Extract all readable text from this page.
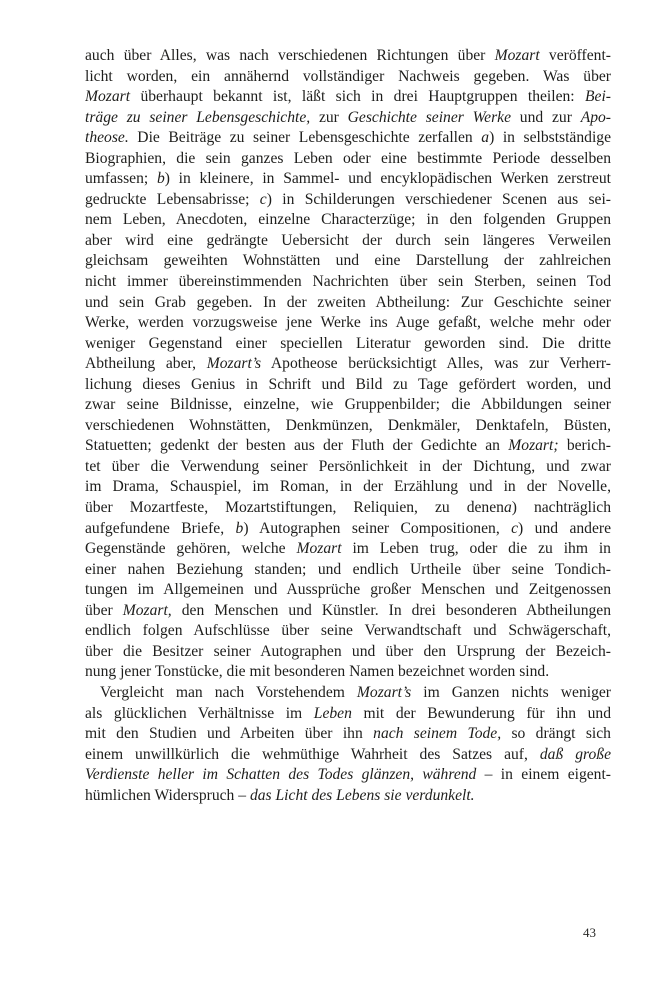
auch über Alles, was nach verschiedenen Richtungen über Mozart veröffent-
licht worden, ein annähernd vollständiger Nachweis gegeben. Was über
Mozart überhaupt bekannt ist, läßt sich in drei Hauptgruppen theilen: Bei-
träge zu seiner Lebensgeschichte, zur Geschichte seiner Werke und zur Apo-
theose. Die Beiträge zu seiner Lebensgeschichte zerfallen a) in selbstständige
Biographien, die sein ganzes Leben oder eine bestimmte Periode desselben
umfassen; b) in kleinere, in Sammel- und encyklopädischen Werken zerstreut
gedruckte Lebensabrisse; c) in Schilderungen verschiedener Scenen aus sei-
nem Leben, Anecdoten, einzelne Characterzüge; in den folgenden Gruppen
aber wird eine gedrängte Uebersicht der durch sein längeres Verweilen
gleichsam geweihten Wohnstätten und eine Darstellung der zahlreichen
nicht immer übereinstimmenden Nachrichten über sein Sterben, seinen Tod
und sein Grab gegeben. In der zweiten Abtheilung: Zur Geschichte seiner
Werke, werden vorzugsweise jene Werke ins Auge gefaßt, welche mehr oder
weniger Gegenstand einer speciellen Literatur geworden sind. Die dritte
Abtheilung aber, Mozart’s Apotheose berücksichtigt Alles, was zur Verherr-
lichung dieses Genius in Schrift und Bild zu Tage gefördert worden, und
zwar seine Bildnisse, einzelne, wie Gruppenbilder; die Abbildungen seiner
verschiedenen Wohnstätten, Denkmünzen, Denkmäler, Denktafeln, Büsten,
Statuetten; gedenkt der besten aus der Fluth der Gedichte an Mozart; berich-
tet über die Verwendung seiner Persönlichkeit in der Dichtung, und zwar
im Drama, Schauspiel, im Roman, in der Erzählung und in der Novelle,
über Mozartfeste, Mozartstiftungen, Reliquien, zu denena) nachträglich
aufgefundene Briefe, b) Autographen seiner Compositionen, c) und andere
Gegenstände gehören, welche Mozart im Leben trug, oder die zu ihm in
einer nahen Beziehung standen; und endlich Urtheile über seine Tondich-
tungen im Allgemeinen und Aussprüche großer Menschen und Zeitgenossen
über Mozart, den Menschen und Künstler. In drei besonderen Abtheilungen
endlich folgen Aufschlüsse über seine Verwandtschaft und Schwägerschaft,
über die Besitzer seiner Autographen und über den Ursprung der Bezeich-
nung jener Tonstücke, die mit besonderen Namen bezeichnet worden sind.
Vergleicht man nach Vorstehendem Mozart’s im Ganzen nichts weniger
als glücklichen Verhältnisse im Leben mit der Bewunderung für ihn und
mit den Studien und Arbeiten über ihn nach seinem Tode, so drängt sich
einem unwillkürlich die wehmüthige Wahrheit des Satzes auf, daß große
Verdienste heller im Schatten des Todes glänzen, während – in einem eigent-
hümlichen Widerspruch – das Licht des Lebens sie verdunkelt.
43
